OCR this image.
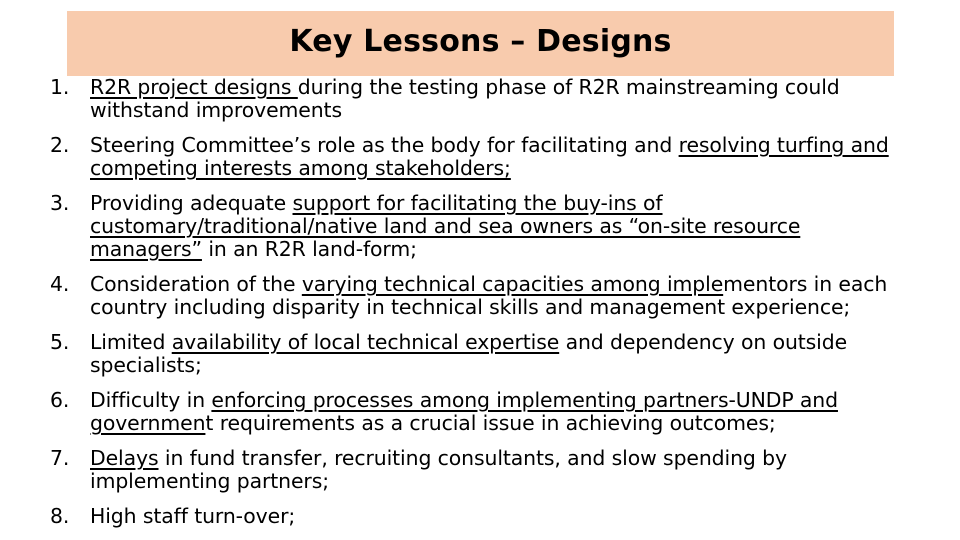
Key Lessons – Designs
1. R2R project designs during the testing phase of R2R mainstreaming could withstand improvements
2. Steering Committee’s role as the body for facilitating and resolving turfing and competing interests among stakeholders;
3. Providing adequate support for facilitating the buy-ins of customary/traditional/native land and sea owners as “on-site resource managers” in an R2R land-form;
4. Consideration of the varying technical capacities among implementors in each country including disparity in technical skills and management experience;
5. Limited availability of local technical expertise and dependency on outside specialists;
6. Difficulty in enforcing processes among implementing partners-UNDP and government requirements as a crucial issue in achieving outcomes;
7. Delays in fund transfer, recruiting consultants, and slow spending by implementing partners;
8. High staff turn-over;
